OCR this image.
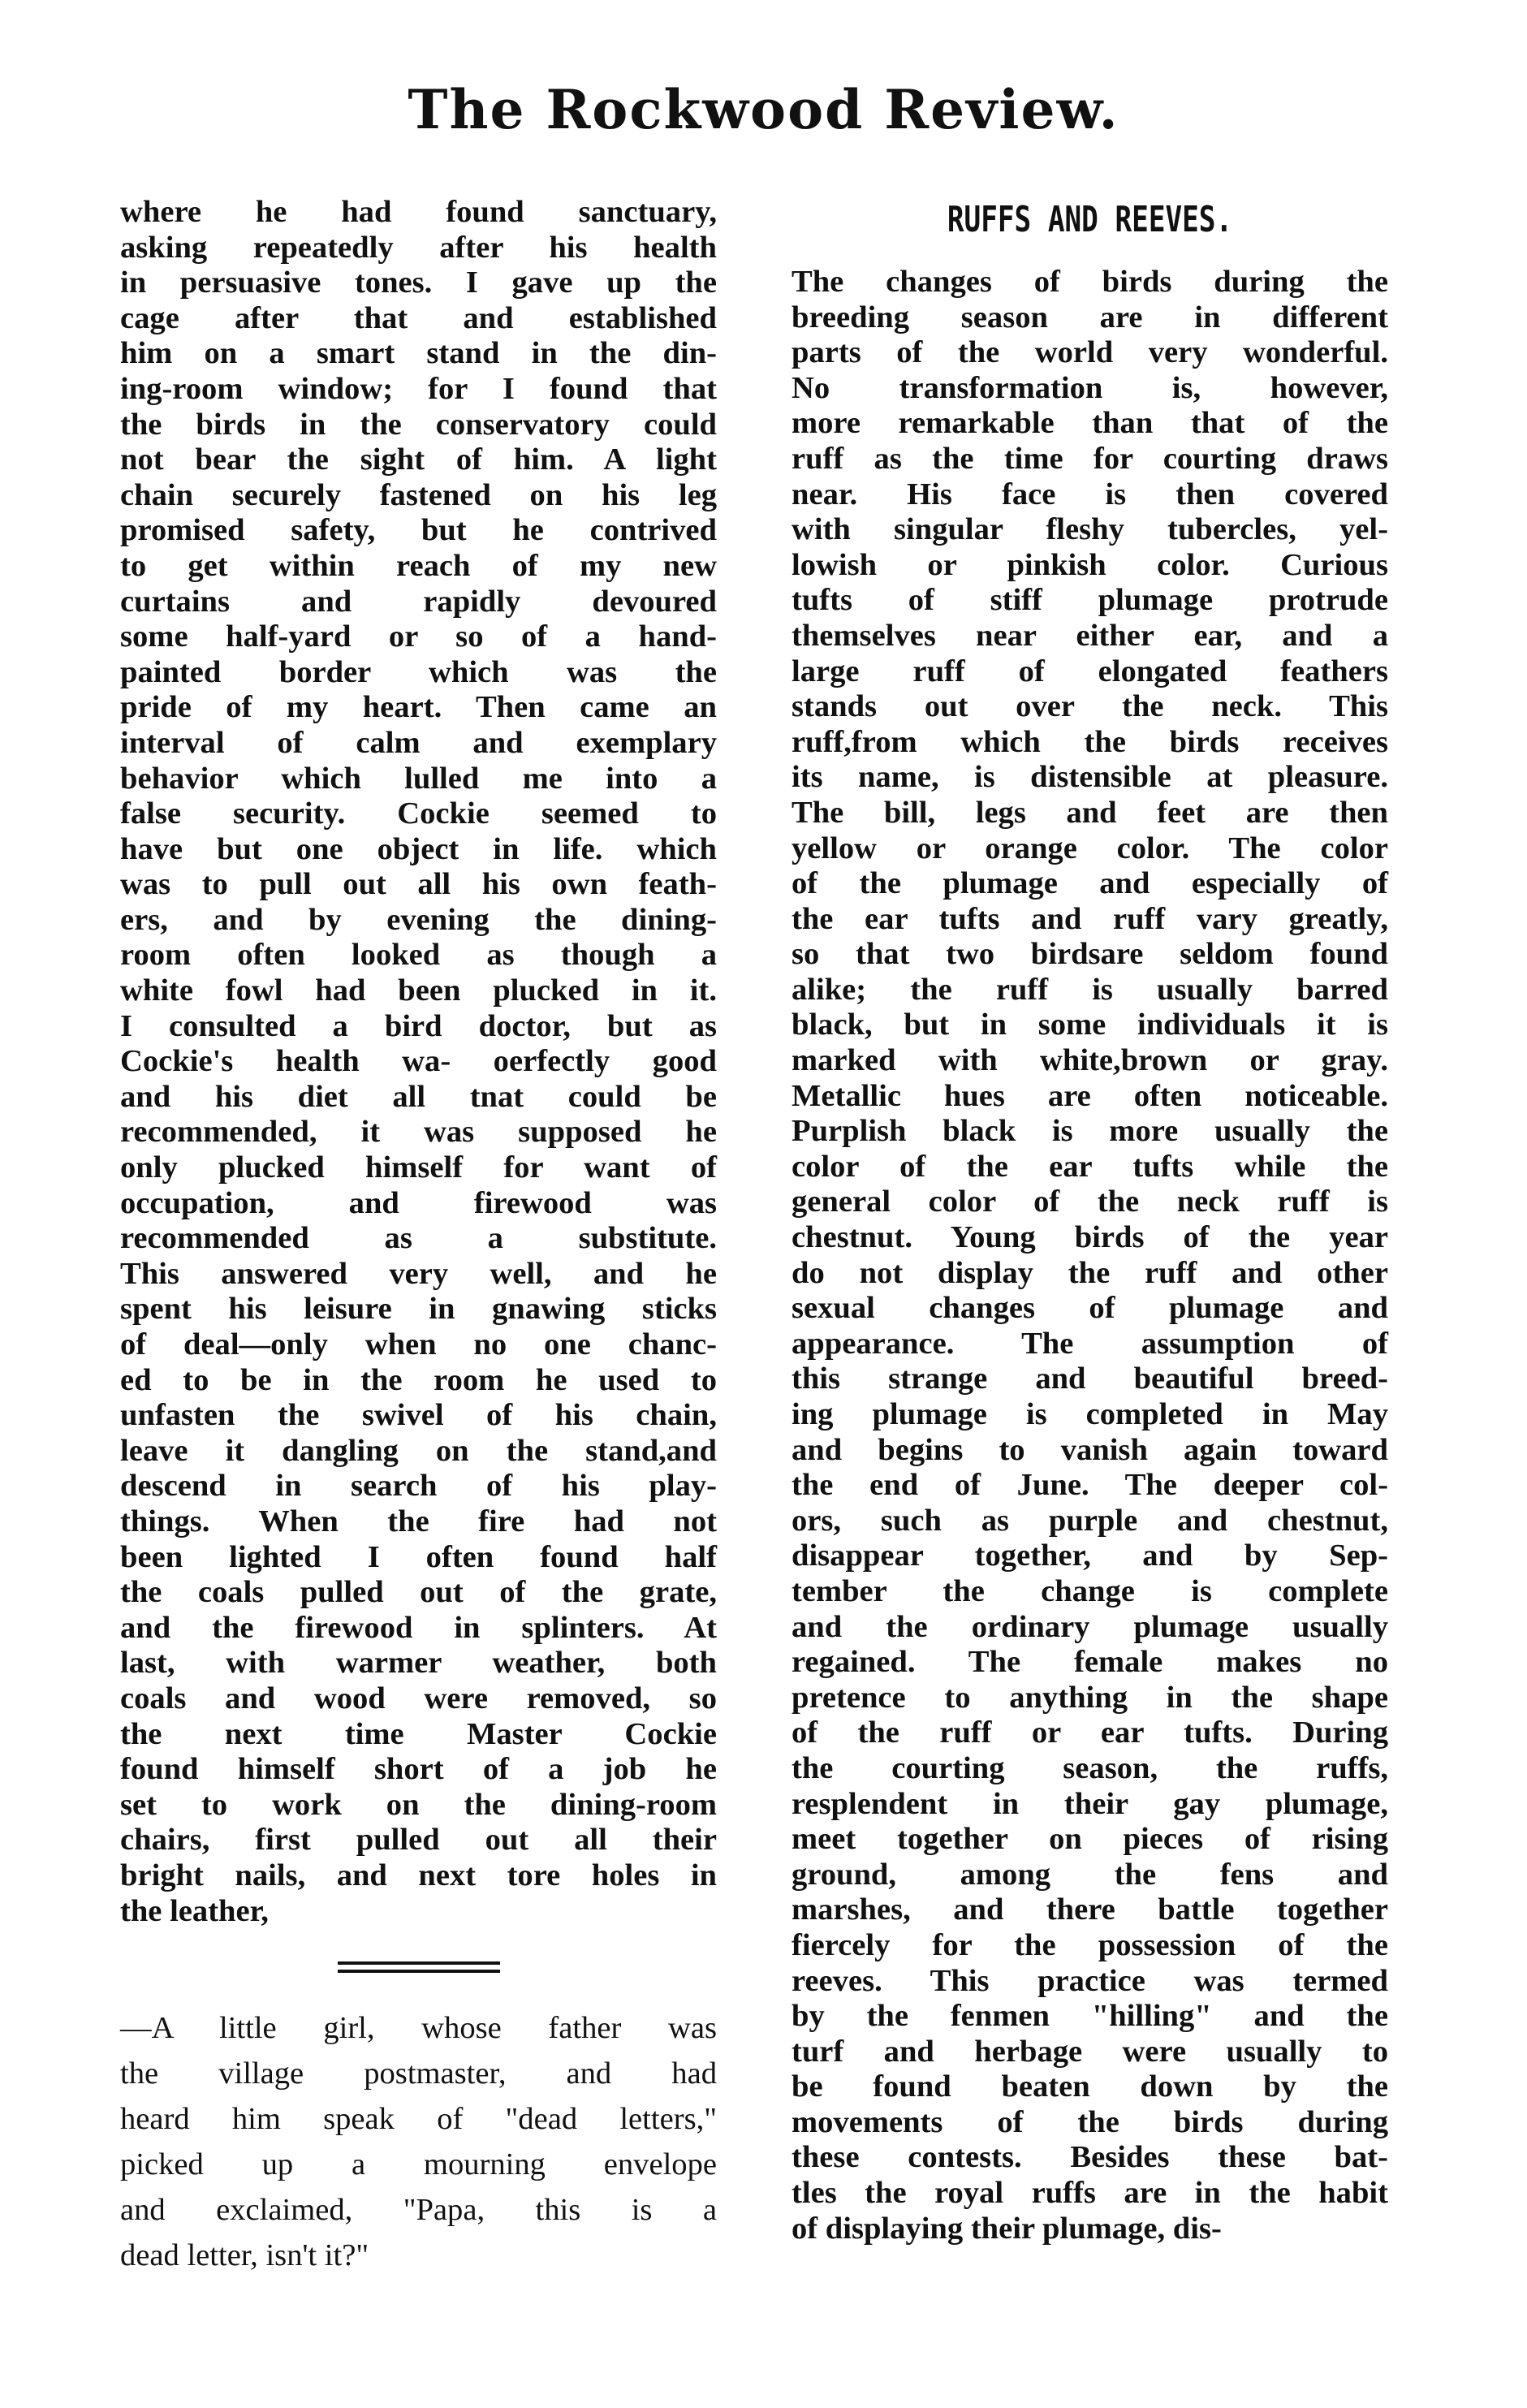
The Rockwood Review.
where he had found sanctuary,
asking repeatedly after his health
in persuasive tones. I gave up the
cage after that and established
him on a smart stand in the din-
ing-room window; for I found that
the birds in the conservatory could
not bear the sight of him. A light
chain securely fastened on his leg
promised safety, but he contrived
to get within reach of my new
curtains and rapidly devoured
some half-yard or so of a hand-
painted border which was the
pride of my heart. Then came an
interval of calm and exemplary
behavior which lulled me into a
false security. Cockie seemed to
have but one object in life. which
was to pull out all his own feath-
ers, and by evening the dining-
room often looked as though a
white fowl had been plucked in it.
I consulted a bird doctor, but as
Cockie's health wa- oerfectly good
and his diet all tnat could be
recommended, it was supposed he
only plucked himself for want of
occupation, and firewood was
recommended as a substitute.
This answered very well, and he
spent his leisure in gnawing sticks
of deal—only when no one chanc-
ed to be in the room he used to
unfasten the swivel of his chain,
leave it dangling on the stand,and
descend in search of his play-
things. When the fire had not
been lighted I often found half
the coals pulled out of the grate,
and the firewood in splinters. At
last, with warmer weather, both
coals and wood were removed, so
the next time Master Cockie
found himself short of a job he
set to work on the dining-room
chairs, first pulled out all their
bright nails, and next tore holes in
the leather,
—A little girl, whose father was
the village postmaster, and had
heard him speak of "dead letters,"
picked up a mourning envelope
and exclaimed, "Papa, this is a
dead letter, isn't it?"
RUFFS AND REEVES.
The changes of birds during the
breeding season are in different
parts of the world very wonderful.
No transformation is, however,
more remarkable than that of the
ruff as the time for courting draws
near. His face is then covered
with singular fleshy tubercles, yel-
lowish or pinkish color. Curious
tufts of stiff plumage protrude
themselves near either ear, and a
large ruff of elongated feathers
stands out over the neck. This
ruff,from which the birds receives
its name, is distensible at pleasure.
The bill, legs and feet are then
yellow or orange color. The color
of the plumage and especially of
the ear tufts and ruff vary greatly,
so that two birdsare seldom found
alike; the ruff is usually barred
black, but in some individuals it is
marked with white,brown or gray.
Metallic hues are often noticeable.
Purplish black is more usually the
color of the ear tufts while the
general color of the neck ruff is
chestnut. Young birds of the year
do not display the ruff and other
sexual changes of plumage and
appearance. The assumption of
this strange and beautiful breed-
ing plumage is completed in May
and begins to vanish again toward
the end of June. The deeper col-
ors, such as purple and chestnut,
disappear together, and by Sep-
tember the change is complete
and the ordinary plumage usually
regained. The female makes no
pretence to anything in the shape
of the ruff or ear tufts. During
the courting season, the ruffs,
resplendent in their gay plumage,
meet together on pieces of rising
ground, among the fens and
marshes, and there battle together
fiercely for the possession of the
reeves. This practice was termed
by the fenmen "hilling" and the
turf and herbage were usually to
be found beaten down by the
movements of the birds during
these contests. Besides these bat-
tles the royal ruffs are in the habit
of displaying their plumage, dis-
